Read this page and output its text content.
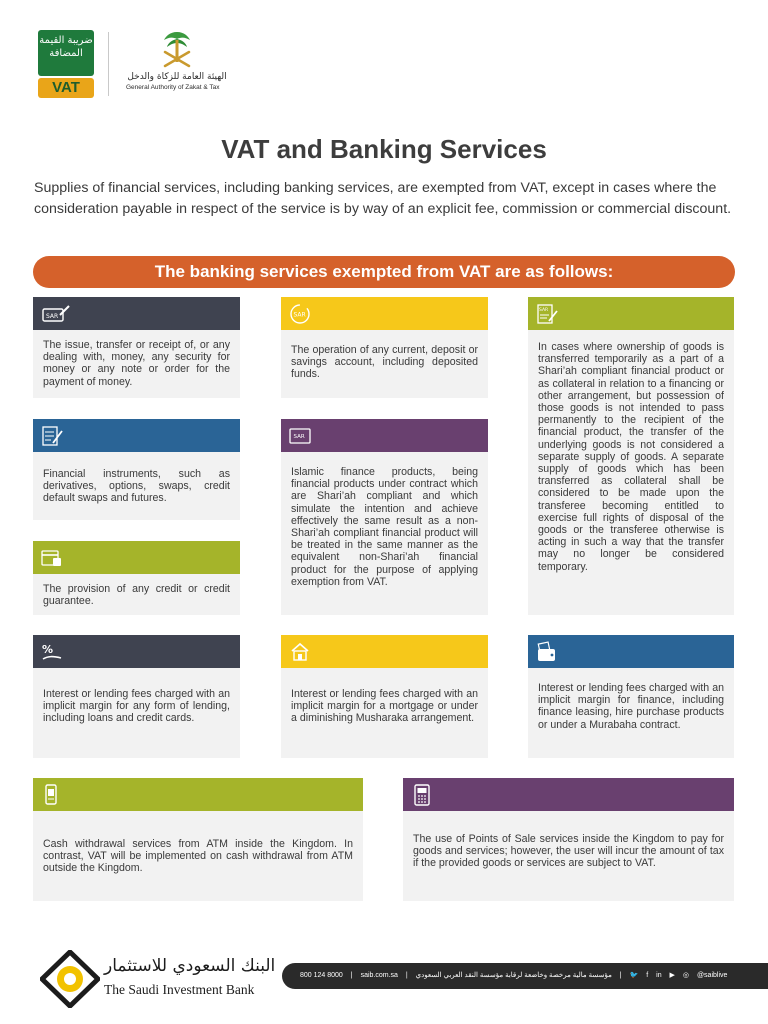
ضريبة القيمة المضافة
VAT
الهيئة العامة للزكاة والدخل
General Authority of Zakat & Tax
VAT and Banking Services
Supplies of financial services, including banking services, are exempted from VAT, except in cases where the consideration payable in respect of the service is by way of an explicit fee, commission or commercial discount.
The banking services exempted from VAT are as follows:
SAR

The issue, transfer or receipt of, or any dealing with, money, any security for money or any note or order for the payment of money.

SAR

The operation of any current, deposit or savings account, including deposited funds.

SAR

In cases where ownership of goods is transferred temporarily as a part of a Shari’ah compliant financial product or as collateral in relation to a financing or other arrangement, but possession of those goods is not intended to pass permanently to the recipient of the financial product, the transfer of the underlying goods is not considered a separate supply of goods. A separate supply of goods which has been transferred as collateral shall be considered to be made upon the transferee becoming entitled to exercise full rights of disposal of the goods or the transferee otherwise is acting in such a way that the transfer may no longer be considered temporary.

Financial instruments, such as derivatives, options, swaps, credit default swaps and futures.

SAR

Islamic finance products, being financial products under contract which are Shari’ah compliant and which simulate the intention and achieve effectively the same result as a non-Shari’ah compliant financial product will be treated in the same manner as the equivalent non-Shari’ah financial product for the purpose of applying exemption from VAT.

The provision of any credit or credit guarantee.

%

Interest or lending fees charged with an implicit margin for any form of lending, including loans and credit cards.

Interest or lending fees charged with an implicit margin for a mortgage or under a diminishing Musharaka arrangement.

Interest or lending fees charged with an implicit margin for finance, including finance leasing, hire purchase products or under a Murabaha contract.

Cash withdrawal services from ATM inside the Kingdom. In contrast, VAT will be implemented on cash withdrawal from ATM outside the Kingdom.

The use of Points of Sale services inside the Kingdom to pay for goods and services; however, the user will incur the amount of tax if the provided goods or services are subject to VAT.

البنك السعودي للاستثمار
The Saudi Investment Bank
800 124 8000 | saib.com.sa | مؤسسة مالية مرخصة وخاضعة لرقابة مؤسسة النقد العربي السعودي | 🐦 f in ▶ ◎ @saiblive
